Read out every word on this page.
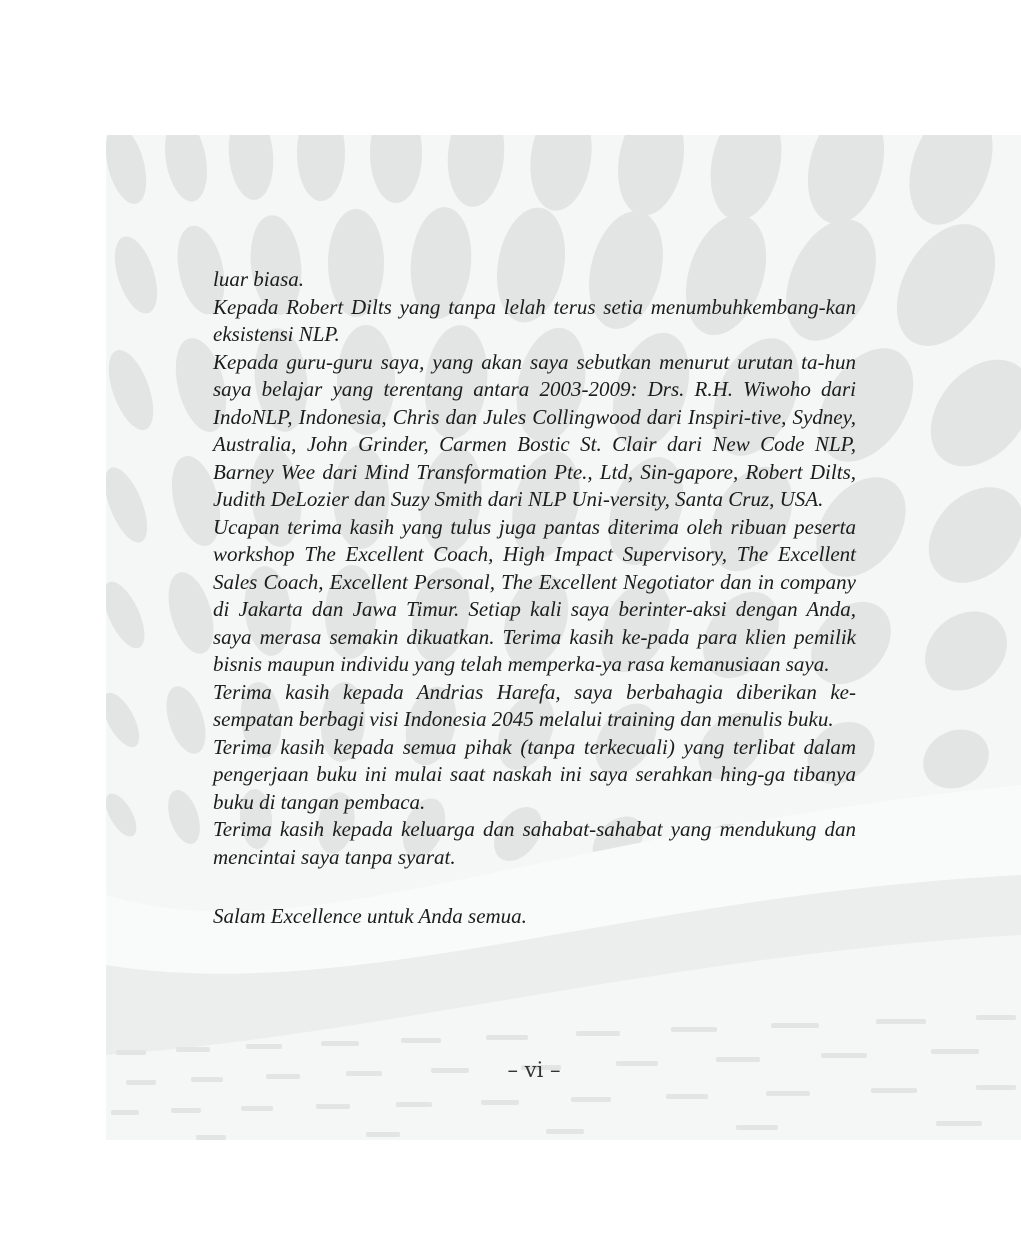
luar biasa.

Kepada Robert Dilts yang tanpa lelah terus setia menumbuhkembang-kan eksistensi NLP.

Kepada guru-guru saya, yang akan saya sebutkan menurut urutan ta-hun saya belajar yang terentang antara 2003-2009: Drs. R.H. Wiwoho dari IndoNLP, Indonesia, Chris dan Jules Collingwood dari Inspiri-tive, Sydney, Australia, John Grinder, Carmen Bostic St. Clair dari New Code NLP, Barney Wee dari Mind Transformation Pte., Ltd, Sin-gapore, Robert Dilts, Judith DeLozier dan Suzy Smith dari NLP Uni-versity, Santa Cruz, USA.

Ucapan terima kasih yang tulus juga pantas diterima oleh ribuan peserta workshop The Excellent Coach, High Impact Supervisory, The Excellent Sales Coach, Excellent Personal, The Excellent Negotiator dan in company di Jakarta dan Jawa Timur. Setiap kali saya berinter-aksi dengan Anda, saya merasa semakin dikuatkan. Terima kasih ke-pada para klien pemilik bisnis maupun individu yang telah memperka-ya rasa kemanusiaan saya.

Terima kasih kepada Andrias Harefa, saya berbahagia diberikan ke-sempatan berbagi visi Indonesia 2045 melalui training dan menulis buku.

Terima kasih kepada semua pihak (tanpa terkecuali) yang terlibat dalam pengerjaan buku ini mulai saat naskah ini saya serahkan hing-ga tibanya buku di tangan pembaca.

Terima kasih kepada keluarga dan sahabat-sahabat yang mendukung dan mencintai saya tanpa syarat.

Salam Excellence untuk Anda semua.

– vi –
